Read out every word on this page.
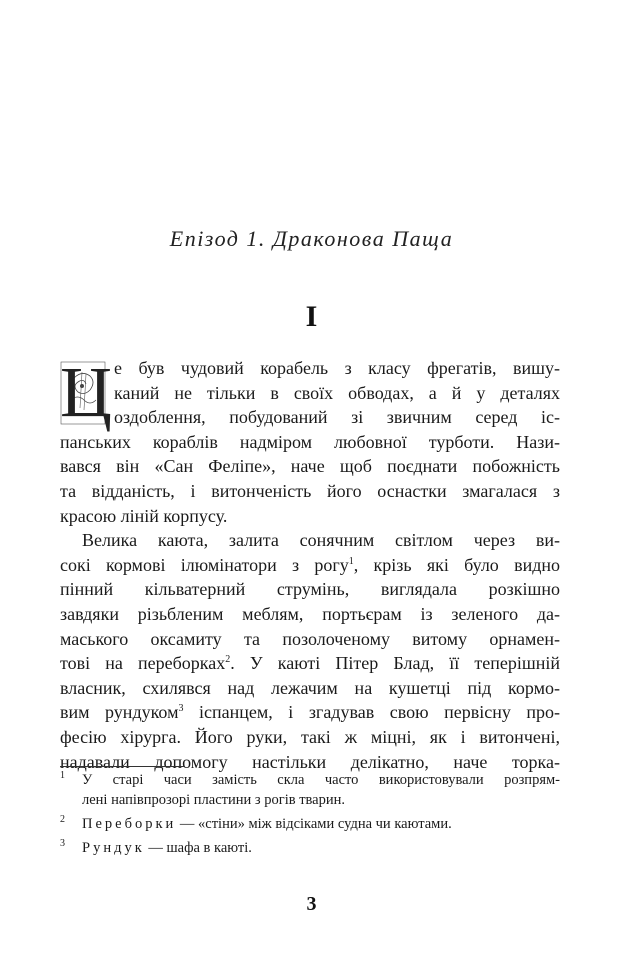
Епізод 1. Драконова Паща
I
Ц е був чудовий корабель з класу фрегатів, вишу-
каний не тільки в своїх обводах, а й у деталях
оздоблення, побудований зі звичним серед іс-
панських кораблів надміром любовної турботи. Нази-
вався він «Сан Феліпе», наче щоб поєднати побожність
та відданість, і витонченість його оснастки змагалася з
красою ліній корпусу.
Велика каюта, залита сонячним світлом через ви-
сокі кормові ілюмінатори з рогу$^1$, крізь які було видно
пінний кільватерний струмінь, виглядала розкішно
завдяки різьбленим меблям, портьєрам із зеленого да-
маського оксамиту та позолоченому витому орнамен-
тові на переборках$^2$. У каюті Пітер Блад, її теперішній
власник, схилявся над лежачим на кушетці під кормо-
вим рундуком$^3$ іспанцем, і згадував свою первісну про-
фесію хірурга. Його руки, такі ж міцні, як і витончені,
надавали допомогу настільки делікатно, наче торка-
1 У старі часи замість скла часто використовували розпрям-
лені напівпрозорі пластини з рогів тварин.
2 Переборки — «стіни» між відсіками судна чи каютами.
3 Рундук — шафа в каюті.
3
